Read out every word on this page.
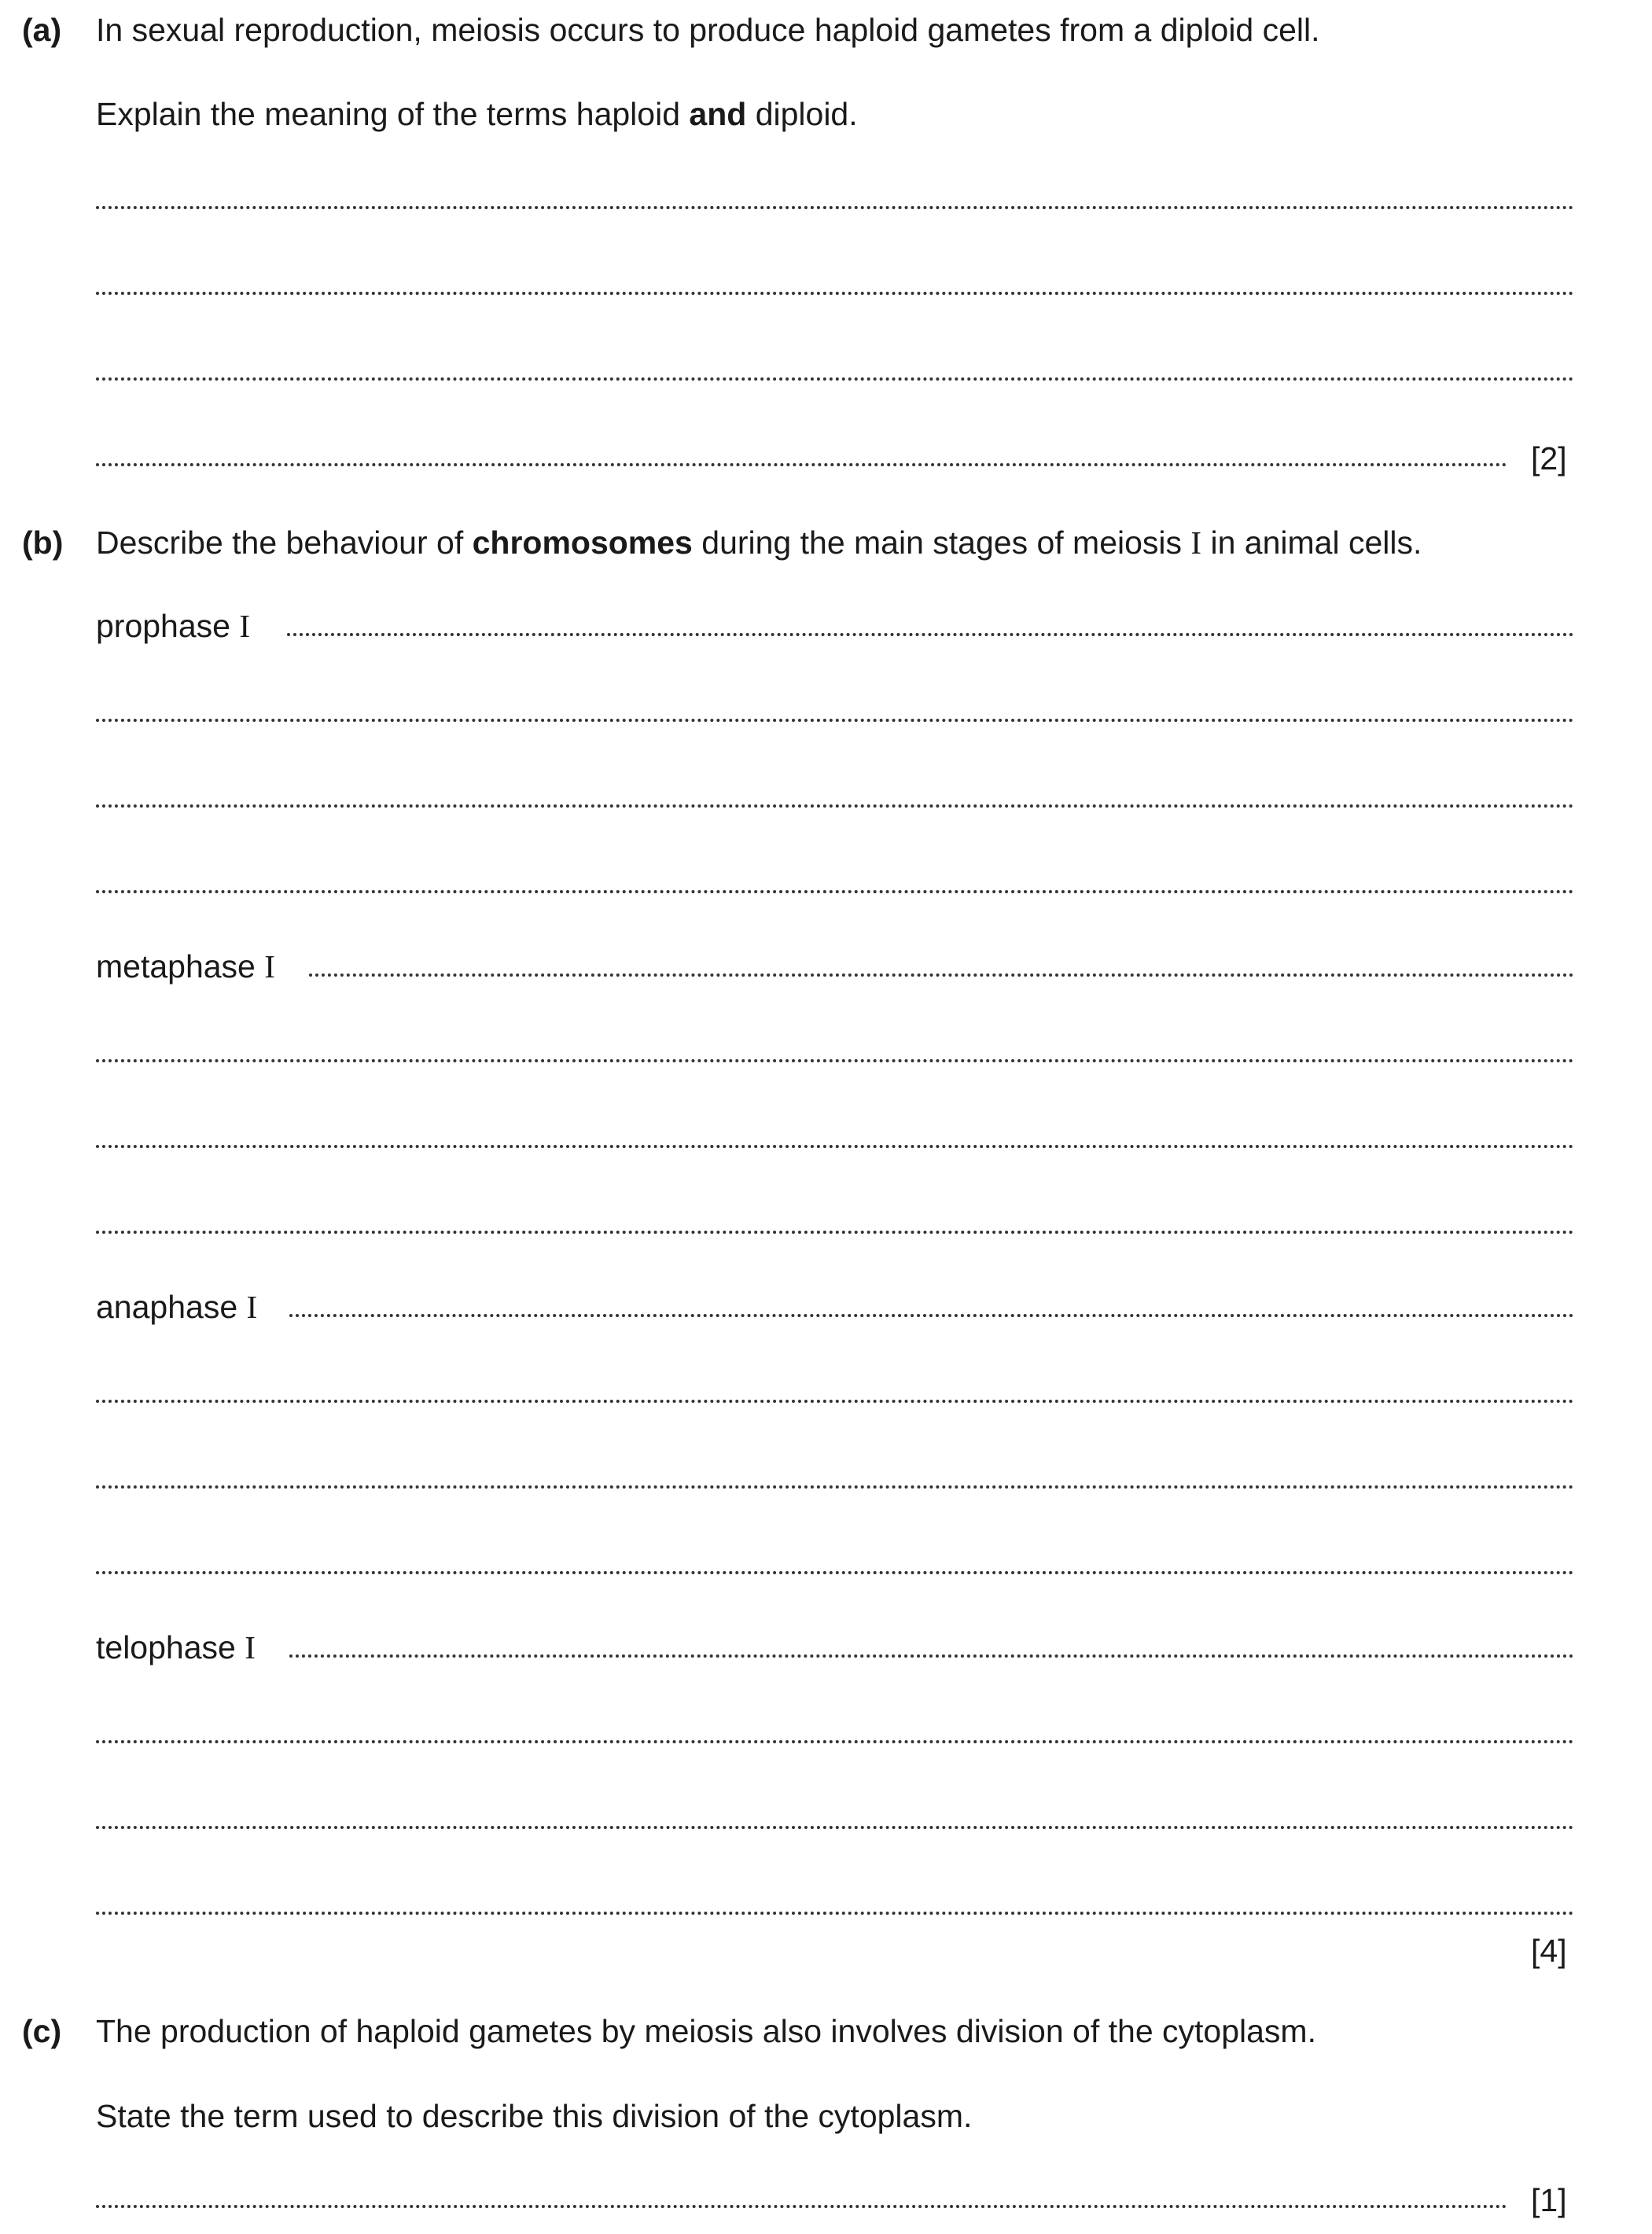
(a) In sexual reproduction, meiosis occurs to produce haploid gametes from a diploid cell.
Explain the meaning of the terms haploid and diploid.
[2]
(b) Describe the behaviour of chromosomes during the main stages of meiosis I in animal cells.
prophase I
metaphase I
anaphase I
telophase I
[4]
(c) The production of haploid gametes by meiosis also involves division of the cytoplasm.
State the term used to describe this division of the cytoplasm.
[1]
